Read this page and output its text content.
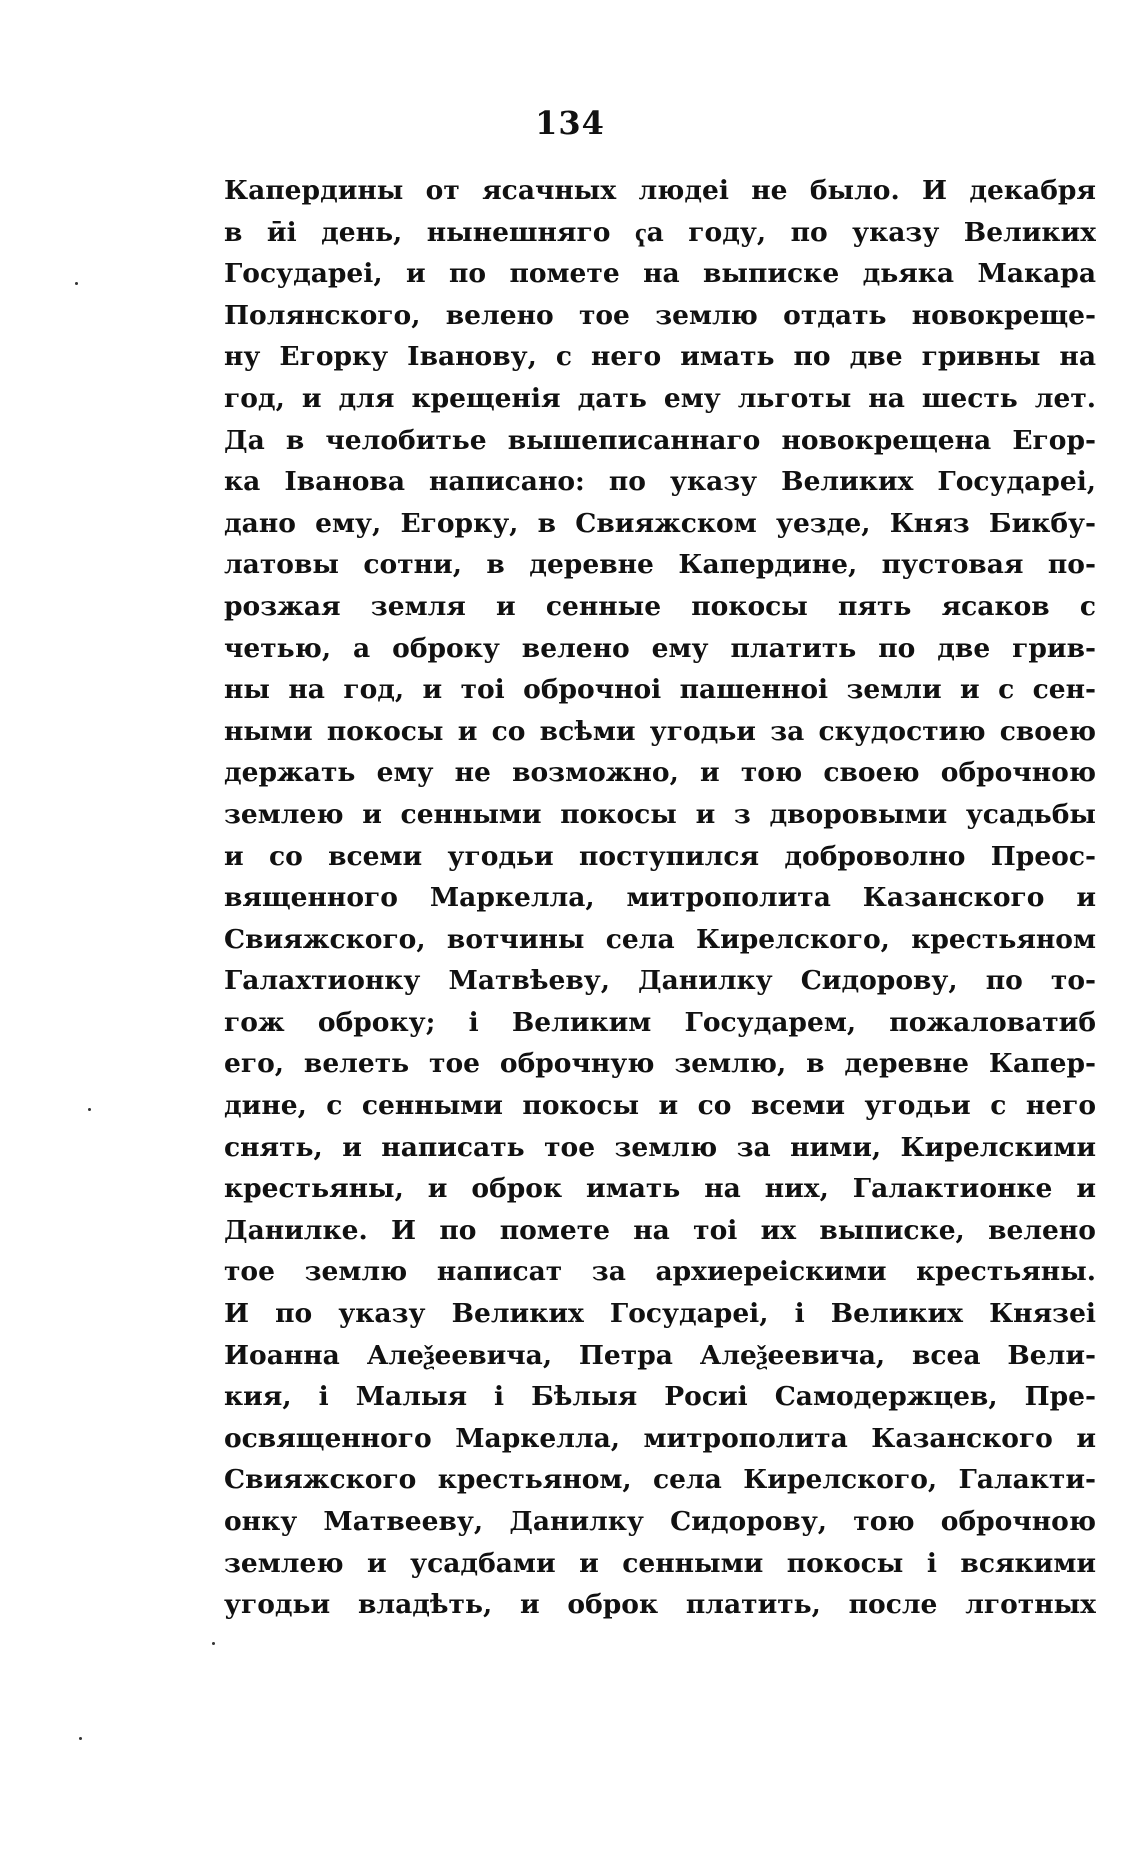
134
Капердины от ясачных людеі не было. И декабря
в ӣі день, нынешняго ҁа году, по указу Великих
Государеі, и по помете на выписке дьяка Макара
Полянского, велено тое землю отдать новокреще-
ну Егорку Іванову, с него имать по две гривны на
год, и для крещенія дать ему льготы на шесть лет.
Да в челобитье вышеписаннаго новокрещена Егор-
ка Іванова написано: по указу Великих Государеі,
дано ему, Егорку, в Свияжском уезде, Княз Бикбу-
латовы сотни, в деревне Капердине, пустовая по-
розжая земля и сенные покосы пять ясаков с
четью, а оброку велено ему платить по две грив-
ны на год, и тоі оброчноі пашенноі земли и с сен-
ными покосы и со всѣми угодьи за скудостию своею
держать ему не возможно, и тою своею оброчною
землею и сенными покосы и з дворовыми усадьбы
и со всеми угодьи поступился доброволно Преос-
вященного Маркелла, митрополита Казанского и
Свияжского, вотчины села Кирелского, крестьяном
Галахтионку Матвѣеву, Данилку Сидорову, по то-
гож оброку; і Великим Государем, пожаловатиб
его, велеть тое оброчную землю, в деревне Капер-
дине, с сенными покосы и со всеми угодьи с него
снять, и написать тое землю за ними, Кирелскими
крестьяны, и оброк имать на них, Галактионке и
Данилке. И по помете на тоі их выписке, велено
тое землю написат за архиереіскими крестьяны.
И по указу Великих Государеі, і Великих Князеі
Иоанна Алеѯеевича, Петра Алеѯеевича, всеа Вели-
кия, і Малыя і Бѣлыя Росиі Самодержцев, Пре-
освященного Маркелла, митрополита Казанского и
Свияжского крестьяном, села Кирелского, Галакти-
онку Матвееву, Данилку Сидорову, тою оброчною
землею и усадбами и сенными покосы і всякими
угодьи владѣть, и оброк платить, после лготных
